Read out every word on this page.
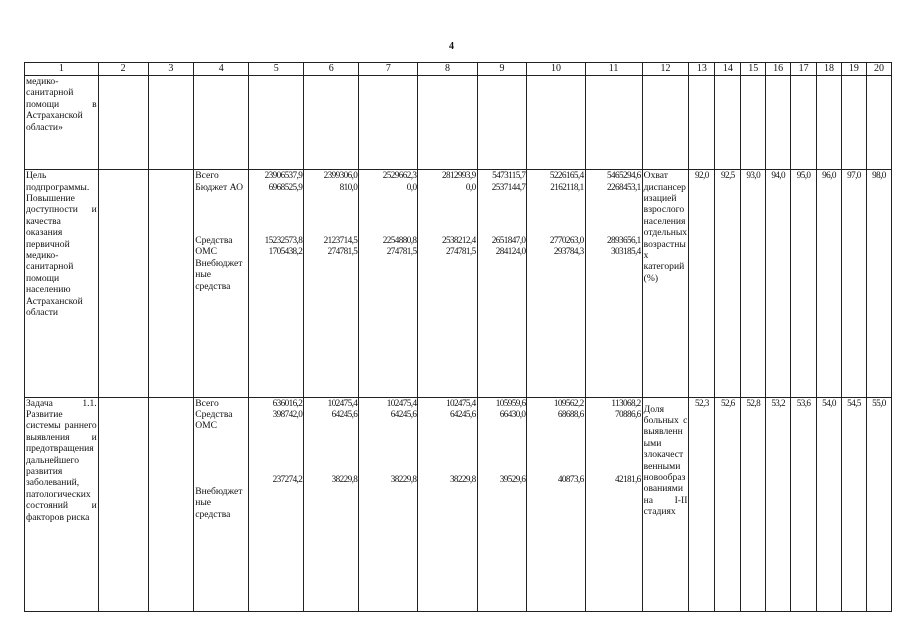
4
1	2	3	4	5	6	7	8	9	10	11	12	13	14	15	16	17	18	19	20
медико-санитарной помощи в Астраханской области»																			
Цель подпрограммы. Повышение доступности и качества оказания первичной медико-санитарной помощи населению Астраханской области			Всего
Бюджет АО
Средства ОМС
Внебюджетные средства	23906537,9
6968525,9
15232573,8
1705438,2	2399306,0
810,0
2123714,5
274781,5	2529662,3
0,0
2254880,8
274781,5	2812993,9
0,0
2538212,4
274781,5	5473115,7
2537144,7
2651847,0
284124,0	5226165,4
2162118,1
2770263,0
293784,3	5465294,6
2268453,1
2893656,1
303185,4	Охват диспансеризацией взрослого населения отдельных возрастных категорий (%)	92,0	92,5	93,0	94,0	95,0	96,0	97,0	98,0
Задача 1.1. Развитие системы раннего выявления и предотвращения дальнейшего развития заболеваний, патологических состояний и факторов риска			Всего
Средства ОМС
Внебюджетные средства	636016,2
398742,0
237274,2	102475,4
64245,6
38229,8	102475,4
64245,6
38229,8	102475,4
64245,6
38229,8	105959,6
66430,0
39529,6	109562,2
68688,6
40873,6	113068,2
70886,6
42181,6	Доля больных с выявленными злокачественными новообразованиями на I-II стадиях	52,3	52,6	52,8	53,2	53,6	54,0	54,5	55,0
